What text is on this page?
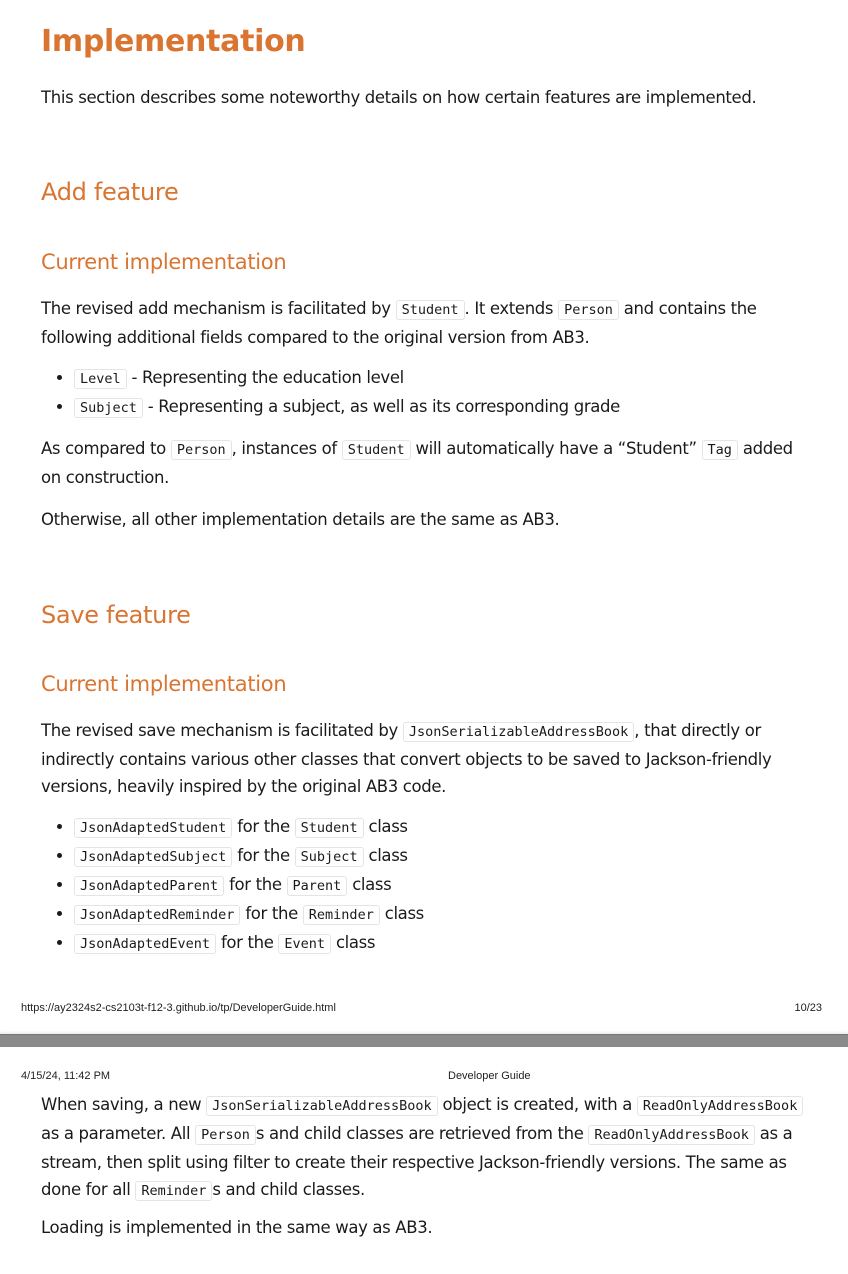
Implementation

This section describes some noteworthy details on how certain features are implemented.

Add feature
Current implementation

The revised add mechanism is facilitated by Student . It extends Person and contains the following additional fields compared to the original version from AB3.

• Level - Representing the education level
• Subject - Representing a subject, as well as its corresponding grade

As compared to Person , instances of Student will automatically have a “Student” Tag added on construction.

Otherwise, all other implementation details are the same as AB3.

Save feature
Current implementation

The revised save mechanism is facilitated by JsonSerializableAddressBook , that directly or indirectly contains various other classes that convert objects to be saved to Jackson-friendly versions, heavily inspired by the original AB3 code.

• JsonAdaptedStudent for the Student class
• JsonAdaptedSubject for the Subject class
• JsonAdaptedParent for the Parent class
• JsonAdaptedReminder for the Reminder class
• JsonAdaptedEvent for the Event class
https://ay2324s2-cs2103t-f12-3.github.io/tp/DeveloperGuide.html	10/23
4/15/24, 11:42 PM	Developer Guide

When saving, a new JsonSerializableAddressBook object is created, with a ReadOnlyAddressBook as a parameter. All Person s and child classes are retrieved from the ReadOnlyAddressBook as a stream, then split using filter to create their respective Jackson-friendly versions. The same as done for all Reminder s and child classes.

Loading is implemented in the same way as AB3.
